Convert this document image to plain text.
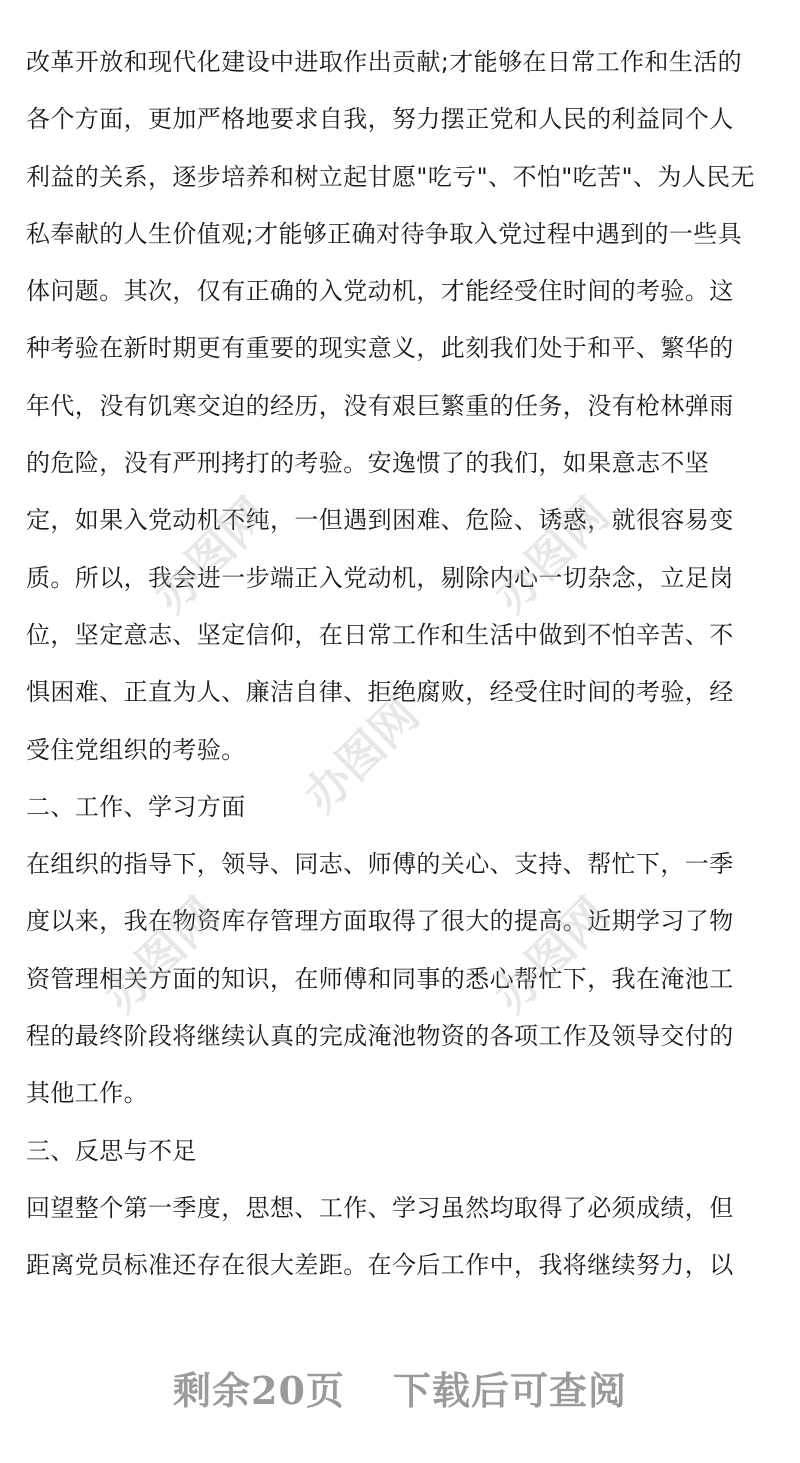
改革开放和现代化建设中进取作出贡献;才能够在日常工作和生活的
各个方面，更加严格地要求自我，努力摆正党和人民的利益同个人
利益的关系，逐步培养和树立起甘愿"吃亏"、不怕"吃苦"、为人民无
私奉献的人生价值观;才能够正确对待争取入党过程中遇到的一些具
体问题。其次，仅有正确的入党动机，才能经受住时间的考验。这
种考验在新时期更有重要的现实意义，此刻我们处于和平、繁华的
年代，没有饥寒交迫的经历，没有艰巨繁重的任务，没有枪林弹雨
的危险，没有严刑拷打的考验。安逸惯了的我们，如果意志不坚
定，如果入党动机不纯，一但遇到困难、危险、诱惑，就很容易变
质。所以，我会进一步端正入党动机，剔除内心一切杂念，立足岗
位，坚定意志、坚定信仰，在日常工作和生活中做到不怕辛苦、不
惧困难、正直为人、廉洁自律、拒绝腐败，经受住时间的考验，经
受住党组织的考验。
二、工作、学习方面
在组织的指导下，领导、同志、师傅的关心、支持、帮忙下，一季
度以来，我在物资库存管理方面取得了很大的提高。近期学习了物
资管理相关方面的知识，在师傅和同事的悉心帮忙下，我在淹池工
程的最终阶段将继续认真的完成淹池物资的各项工作及领导交付的
其他工作。
三、反思与不足
回望整个第一季度，思想、工作、学习虽然均取得了必须成绩，但
距离党员标准还存在很大差距。在今后工作中，我将继续努力，以
办图网	办图网
办图网
办图网	办图网
剩余20页 下载后可查阅
